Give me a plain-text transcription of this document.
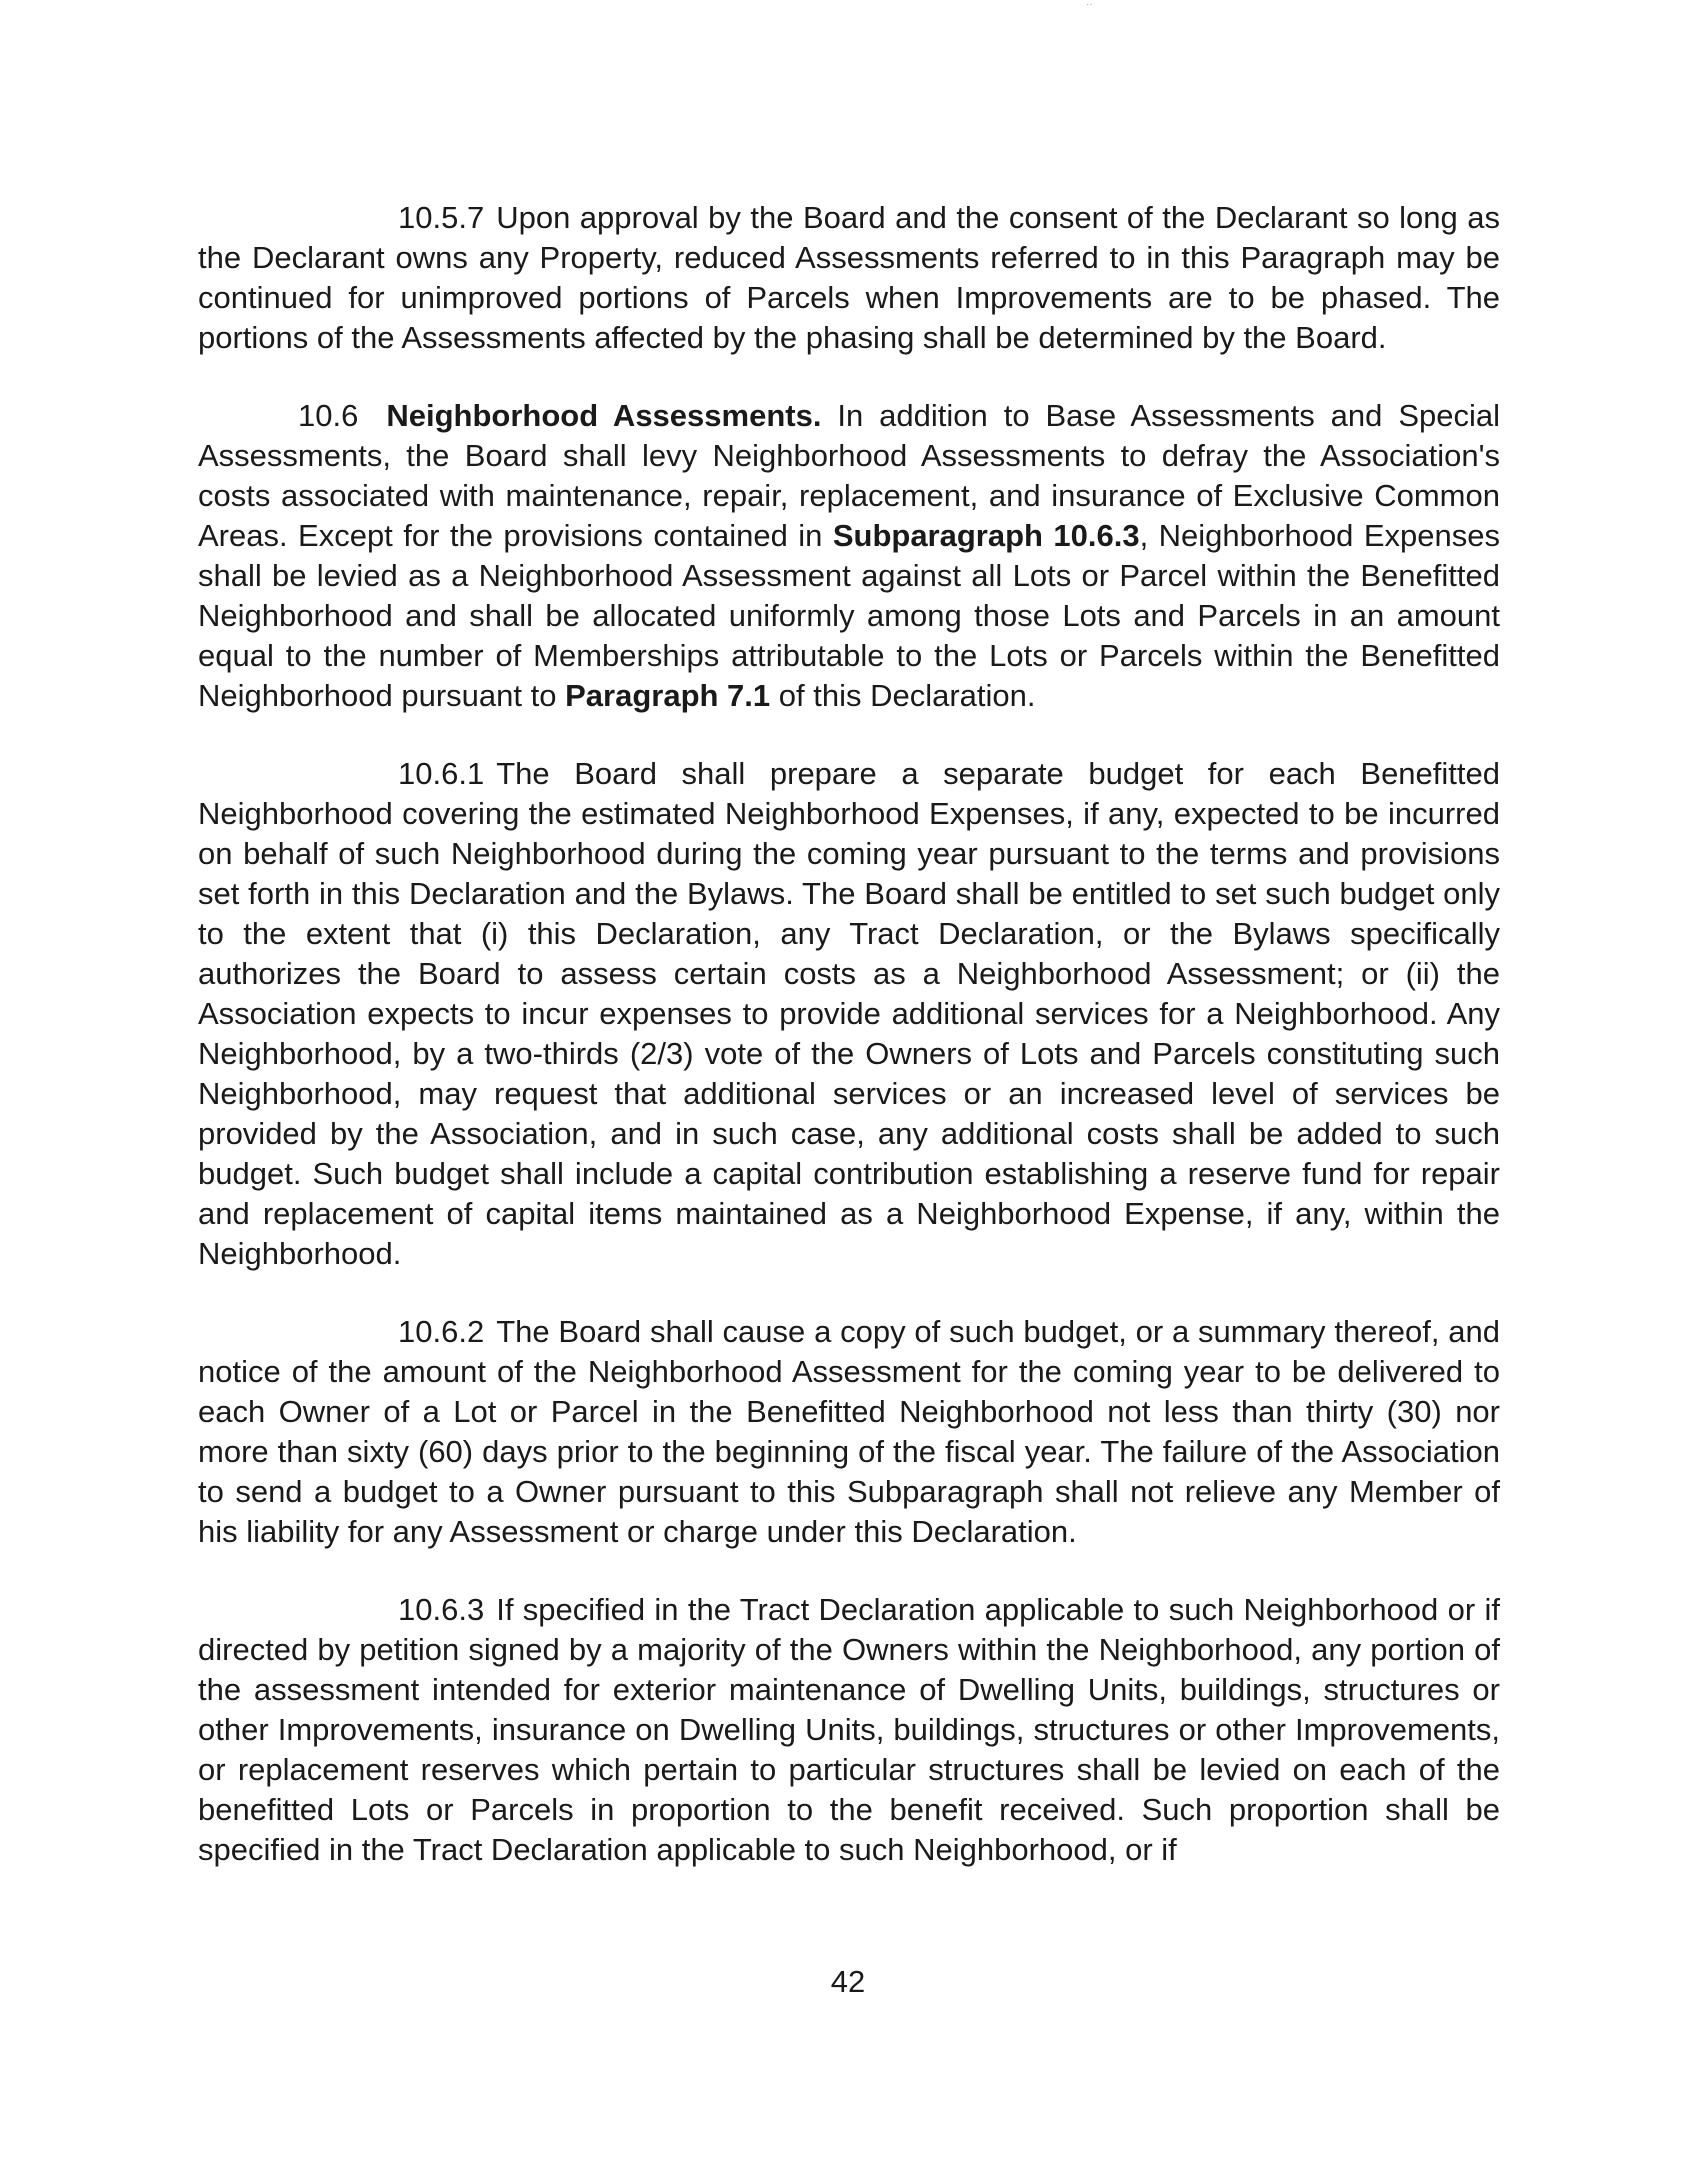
··

10.5.7 Upon approval by the Board and the consent of the Declarant so long as the Declarant owns any Property, reduced Assessments referred to in this Paragraph may be continued for unimproved portions of Parcels when Improvements are to be phased. The portions of the Assessments affected by the phasing shall be determined by the Board.

10.6 Neighborhood Assessments. In addition to Base Assessments and Special Assessments, the Board shall levy Neighborhood Assessments to defray the Association's costs associated with maintenance, repair, replacement, and insurance of Exclusive Common Areas. Except for the provisions contained in Subparagraph 10.6.3, Neighborhood Expenses shall be levied as a Neighborhood Assessment against all Lots or Parcel within the Benefitted Neighborhood and shall be allocated uniformly among those Lots and Parcels in an amount equal to the number of Memberships attributable to the Lots or Parcels within the Benefitted Neighborhood pursuant to Paragraph 7.1 of this Declaration.

10.6.1 The Board shall prepare a separate budget for each Benefitted Neighborhood covering the estimated Neighborhood Expenses, if any, expected to be incurred on behalf of such Neighborhood during the coming year pursuant to the terms and provisions set forth in this Declaration and the Bylaws. The Board shall be entitled to set such budget only to the extent that (i) this Declaration, any Tract Declaration, or the Bylaws specifically authorizes the Board to assess certain costs as a Neighborhood Assessment; or (ii) the Association expects to incur expenses to provide additional services for a Neighborhood. Any Neighborhood, by a two-thirds (2/3) vote of the Owners of Lots and Parcels constituting such Neighborhood, may request that additional services or an increased level of services be provided by the Association, and in such case, any additional costs shall be added to such budget. Such budget shall include a capital contribution establishing a reserve fund for repair and replacement of capital items maintained as a Neighborhood Expense, if any, within the Neighborhood.

10.6.2 The Board shall cause a copy of such budget, or a summary thereof, and notice of the amount of the Neighborhood Assessment for the coming year to be delivered to each Owner of a Lot or Parcel in the Benefitted Neighborhood not less than thirty (30) nor more than sixty (60) days prior to the beginning of the fiscal year. The failure of the Association to send a budget to a Owner pursuant to this Subparagraph shall not relieve any Member of his liability for any Assessment or charge under this Declaration.

10.6.3 If specified in the Tract Declaration applicable to such Neighborhood or if directed by petition signed by a majority of the Owners within the Neighborhood, any portion of the assessment intended for exterior maintenance of Dwelling Units, buildings, structures or other Improvements, insurance on Dwelling Units, buildings, structures or other Improvements, or replacement reserves which pertain to particular structures shall be levied on each of the benefitted Lots or Parcels in proportion to the benefit received. Such proportion shall be specified in the Tract Declaration applicable to such Neighborhood, or if

42
